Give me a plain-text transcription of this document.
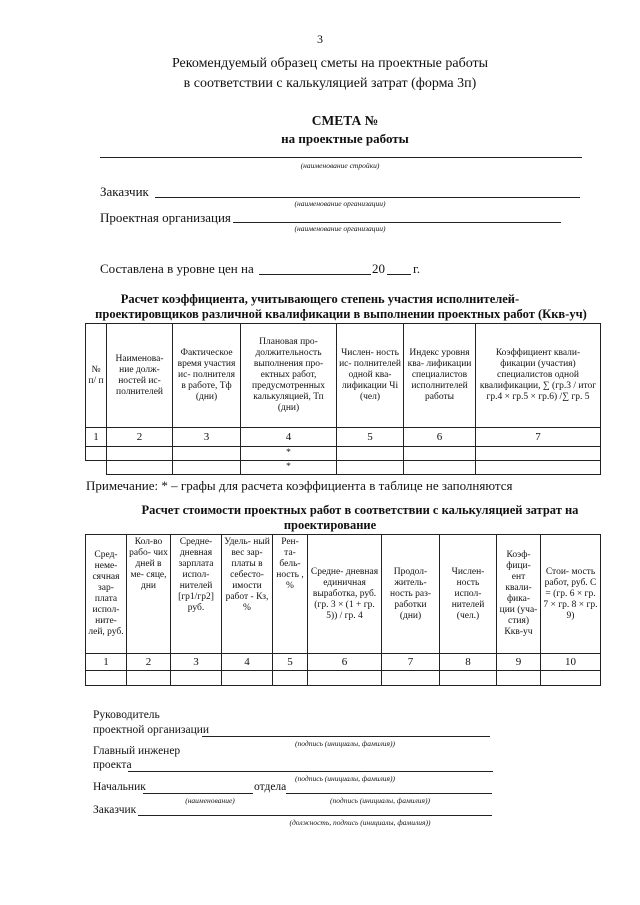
3
Рекомендуемый образец сметы на проектные работы
в соответствии с калькуляцией затрат (форма 3п)
СМЕТА №
на проектные работы
(наименование стройки)
Заказчик
(наименование организации)
Проектная организация
(наименование организации)
Составлена в уровне цен на	20 г.
Расчет коэффициента, учитывающего степень участия исполнителей-
проектировщиков различной квалификации в выполнении проектных работ (Ккв-уч)
№ п/ п	Наименова- ние долж- ностей ис- полнителей	Фактическое время участия ис- полнителя в работе, Тф (дни)	Плановая про- должительность выполнения про- ектных работ, предусмотренных калькуляцией, Тп (дни)	Числен- ность ис- полнителей одной ква- лификации Чi (чел)	Индекс уровня ква- лификации специалистов исполнителей работы	Коэффициент квали- фикации (участия) специалистов одной квалификации, ∑ (гр.3 / итог гр.4 × гр.5 × гр.6) /∑ гр. 5
1	2	3	4	5	6	7
			*			
			*			
Примечание: * – графы для расчета коэффициента в таблице не заполняются
Расчет стоимости проектных работ в соответствии с калькуляцией затрат на
проектирование
Сред- неме- сячная зар- плата испол- ните- лей, руб.	Кол-во рабо- чих дней в ме- сяце, дни	Средне- дневная зарплата испол- нителей [гр1/гр2] руб.	Удель- ный вес зар- платы в себесто- имости работ - Кз, %	Рен- та- бель- ность , %	Средне- дневная единичная выработка, руб. (гр. 3 × (1 + гр. 5)) / гр. 4	Продол- житель- ность раз- работки (дни)	Числен- ность испол- нителей (чел.)	Коэф- фици- ент квали- фика- ции (уча- стия) Ккв-уч	Стои- мость работ, руб. С = (гр. 6 × гр. 7 × гр. 8 × гр. 9)
1	2	3	4	5	6	7	8	9	10

Руководитель
проектной организации
(подпись (инициалы, фамилия))
Главный инженер
проекта
(подпись (инициалы, фамилия))
Начальник	отдела
(наименование)	(подпись (инициалы, фамилия))
Заказчик
(должность, подпись (инициалы, фамилия))
